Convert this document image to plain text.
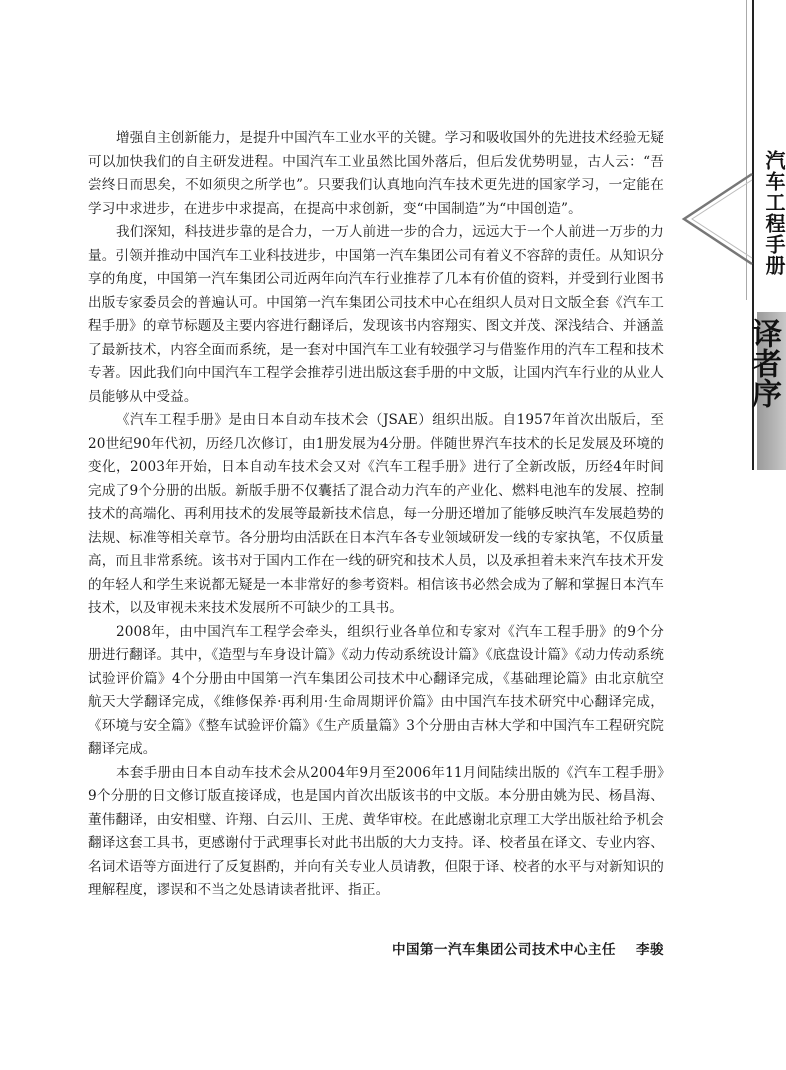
增强自主创新能力，是提升中国汽车工业水平的关键。学习和吸收国外的先进技术经验无疑可以加快我们的自主研发进程。中国汽车工业虽然比国外落后，但后发优势明显，古人云：“吾尝终日而思矣，不如须臾之所学也”。只要我们认真地向汽车技术更先进的国家学习，一定能在学习中求进步，在进步中求提高，在提高中求创新，变“中国制造”为“中国创造”。

我们深知，科技进步靠的是合力，一万人前进一步的合力，远远大于一个人前进一万步的力量。引领并推动中国汽车工业科技进步，中国第一汽车集团公司有着义不容辞的责任。从知识分享的角度，中国第一汽车集团公司近两年向汽车行业推荐了几本有价值的资料，并受到行业图书出版专家委员会的普遍认可。中国第一汽车集团公司技术中心在组织人员对日文版全套《汽车工程手册》的章节标题及主要内容进行翻译后，发现该书内容翔实、图文并茂、深浅结合、并涵盖了最新技术，内容全面而系统，是一套对中国汽车工业有较强学习与借鉴作用的汽车工程和技术专著。因此我们向中国汽车工程学会推荐引进出版这套手册的中文版，让国内汽车行业的从业人员能够从中受益。

《汽车工程手册》是由日本自动车技术会（JSAE）组织出版。自1957年首次出版后，至20世纪90年代初，历经几次修订，由1册发展为4分册。伴随世界汽车技术的长足发展及环境的变化，2003年开始，日本自动车技术会又对《汽车工程手册》进行了全新改版，历经4年时间完成了9个分册的出版。新版手册不仅囊括了混合动力汽车的产业化、燃料电池车的发展、控制技术的高端化、再利用技术的发展等最新技术信息，每一分册还增加了能够反映汽车发展趋势的法规、标准等相关章节。各分册均由活跃在日本汽车各专业领域研发一线的专家执笔，不仅质量高，而且非常系统。该书对于国内工作在一线的研究和技术人员，以及承担着未来汽车技术开发的年轻人和学生来说都无疑是一本非常好的参考资料。相信该书必然会成为了解和掌握日本汽车技术，以及审视未来技术发展所不可缺少的工具书。

2008年，由中国汽车工程学会牵头，组织行业各单位和专家对《汽车工程手册》的9个分册进行翻译。其中，《造型与车身设计篇》《动力传动系统设计篇》《底盘设计篇》《动力传动系统试验评价篇》4个分册由中国第一汽车集团公司技术中心翻译完成，《基础理论篇》由北京航空航天大学翻译完成，《维修保养·再利用·生命周期评价篇》由中国汽车技术研究中心翻译完成，《环境与安全篇》《整车试验评价篇》《生产质量篇》3个分册由吉林大学和中国汽车工程研究院翻译完成。

本套手册由日本自动车技术会从2004年9月至2006年11月间陆续出版的《汽车工程手册》9个分册的日文修订版直接译成，也是国内首次出版该书的中文版。本分册由姚为民、杨昌海、董伟翻译，由安相璧、许翔、白云川、王虎、黄华审校。在此感谢北京理工大学出版社给予机会翻译这套工具书，更感谢付于武理事长对此书出版的大力支持。译、校者虽在译文、专业内容、名词术语等方面进行了反复斟酌，并向有关专业人员请教，但限于译、校者的水平与对新知识的理解程度，谬误和不当之处恳请读者批评、指正。

中国第一汽车集团公司技术中心主任 李骏
汽车工程手册
译者序
